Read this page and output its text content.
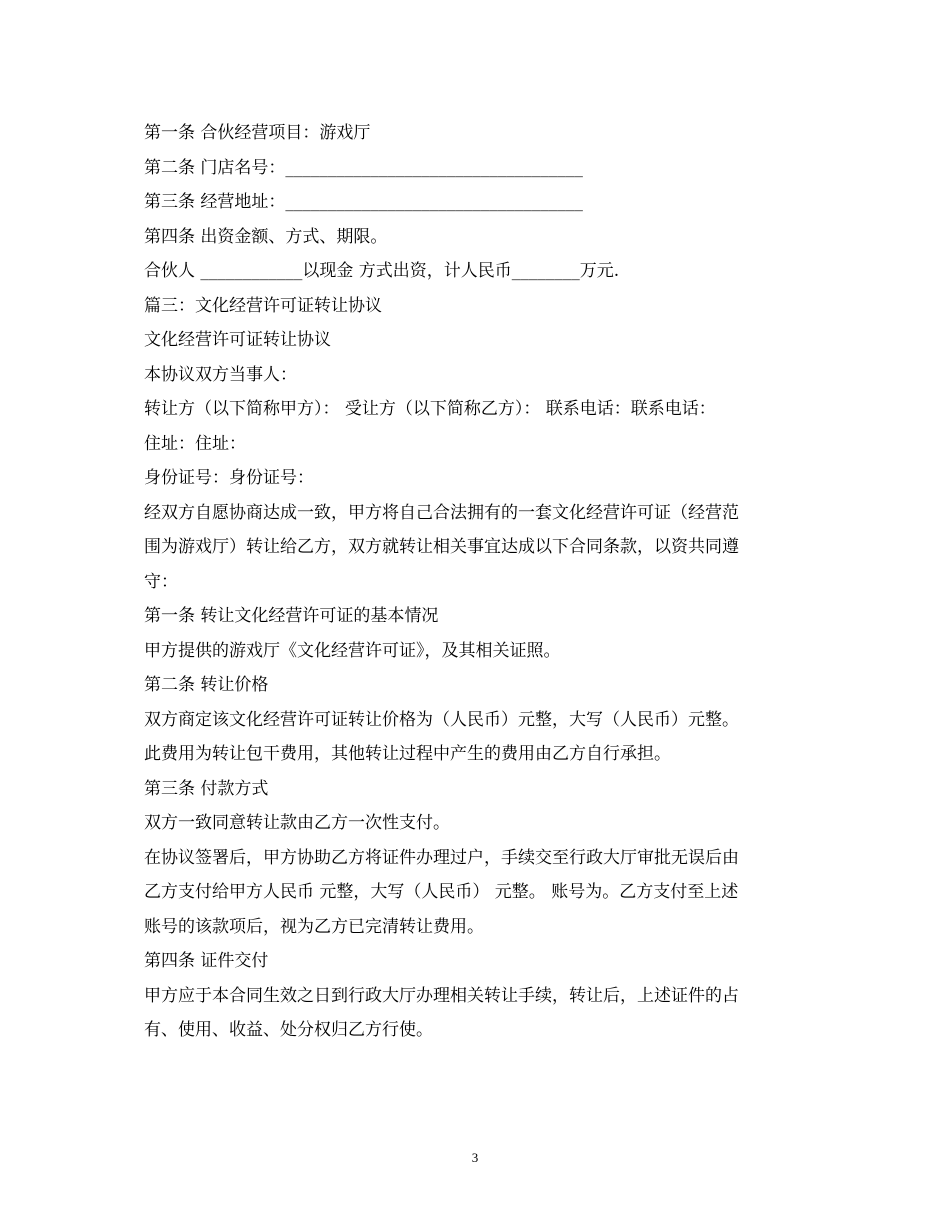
第一条 合伙经营项目：游戏厅
第二条 门店名号：___________________________________
第三条 经营地址：___________________________________
第四条 出资金额、方式、期限。
合伙人 ____________以现金 方式出资，计人民币________万元.
篇三：文化经营许可证转让协议
文化经营许可证转让协议
本协议双方当事人：
转让方（以下简称甲方）： 受让方（以下简称乙方）： 联系电话：联系电话：
住址：住址：
身份证号：身份证号：
经双方自愿协商达成一致，甲方将自己合法拥有的一套文化经营许可证（经营范
围为游戏厅）转让给乙方，双方就转让相关事宜达成以下合同条款，以资共同遵
守：
第一条 转让文化经营许可证的基本情况
甲方提供的游戏厅《文化经营许可证》，及其相关证照。
第二条 转让价格
双方商定该文化经营许可证转让价格为（人民币）元整，大写（人民币）元整。
此费用为转让包干费用，其他转让过程中产生的费用由乙方自行承担。
第三条 付款方式
双方一致同意转让款由乙方一次性支付。
在协议签署后，甲方协助乙方将证件办理过户，手续交至行政大厅审批无误后由
乙方支付给甲方人民币 元整，大写（人民币） 元整。 账号为。乙方支付至上述
账号的该款项后，视为乙方已完清转让费用。
第四条 证件交付
甲方应于本合同生效之日到行政大厅办理相关转让手续，转让后，上述证件的占
有、使用、收益、处分权归乙方行使。
3
